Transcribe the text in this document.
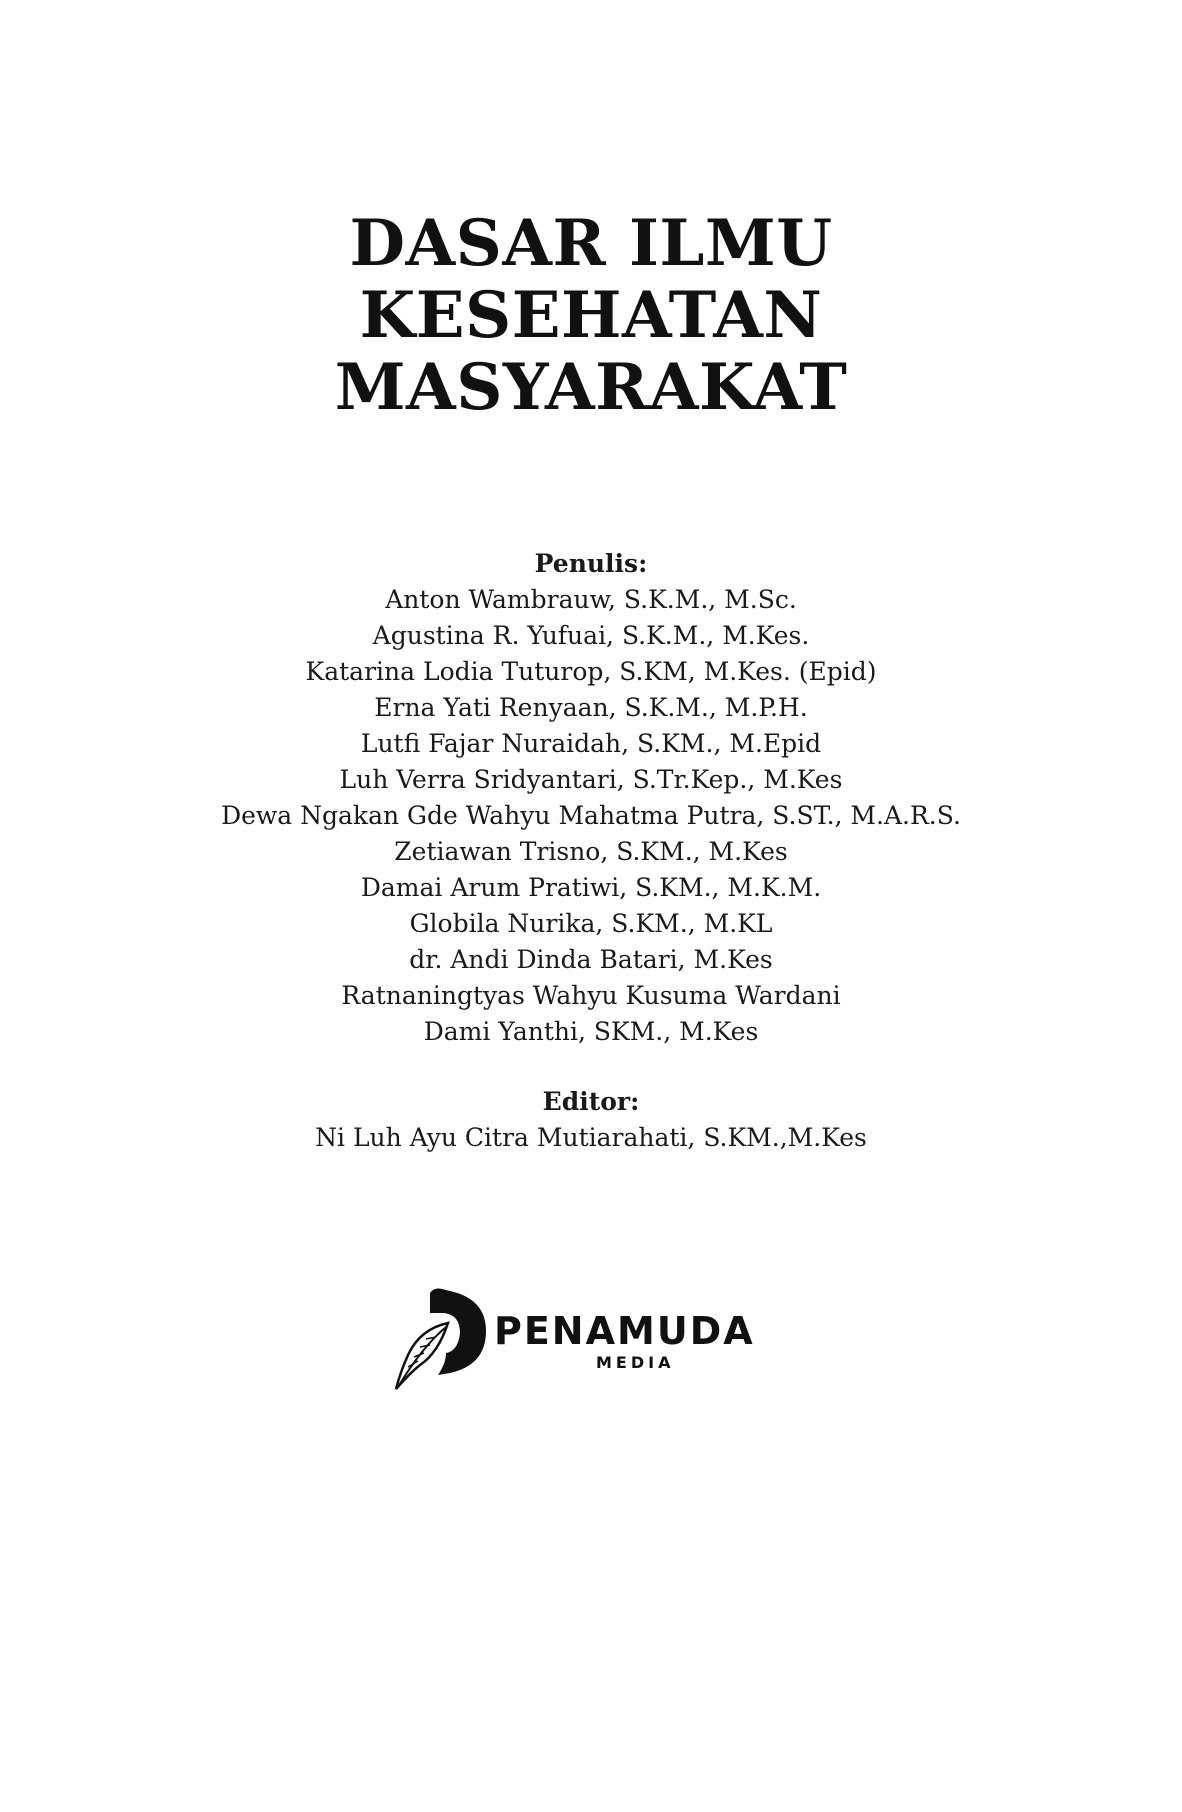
DASAR ILMU
KESEHATAN
MASYARAKAT
Penulis:
Anton Wambrauw, S.K.M., M.Sc.
Agustina R. Yufuai, S.K.M., M.Kes.
Katarina Lodia Tuturop, S.KM, M.Kes. (Epid)
Erna Yati Renyaan, S.K.M., M.P.H.
Lutfi Fajar Nuraidah, S.KM., M.Epid
Luh Verra Sridyantari, S.Tr.Kep., M.Kes
Dewa Ngakan Gde Wahyu Mahatma Putra, S.ST., M.A.R.S.
Zetiawan Trisno, S.KM., M.Kes
Damai Arum Pratiwi, S.KM., M.K.M.
Globila Nurika, S.KM., M.KL
dr. Andi Dinda Batari, M.Kes
Ratnaningtyas Wahyu Kusuma Wardani
Dami Yanthi, SKM., M.Kes
Editor:
Ni Luh Ayu Citra Mutiarahati, S.KM.,M.Kes
PENAMUDA
MEDIA
